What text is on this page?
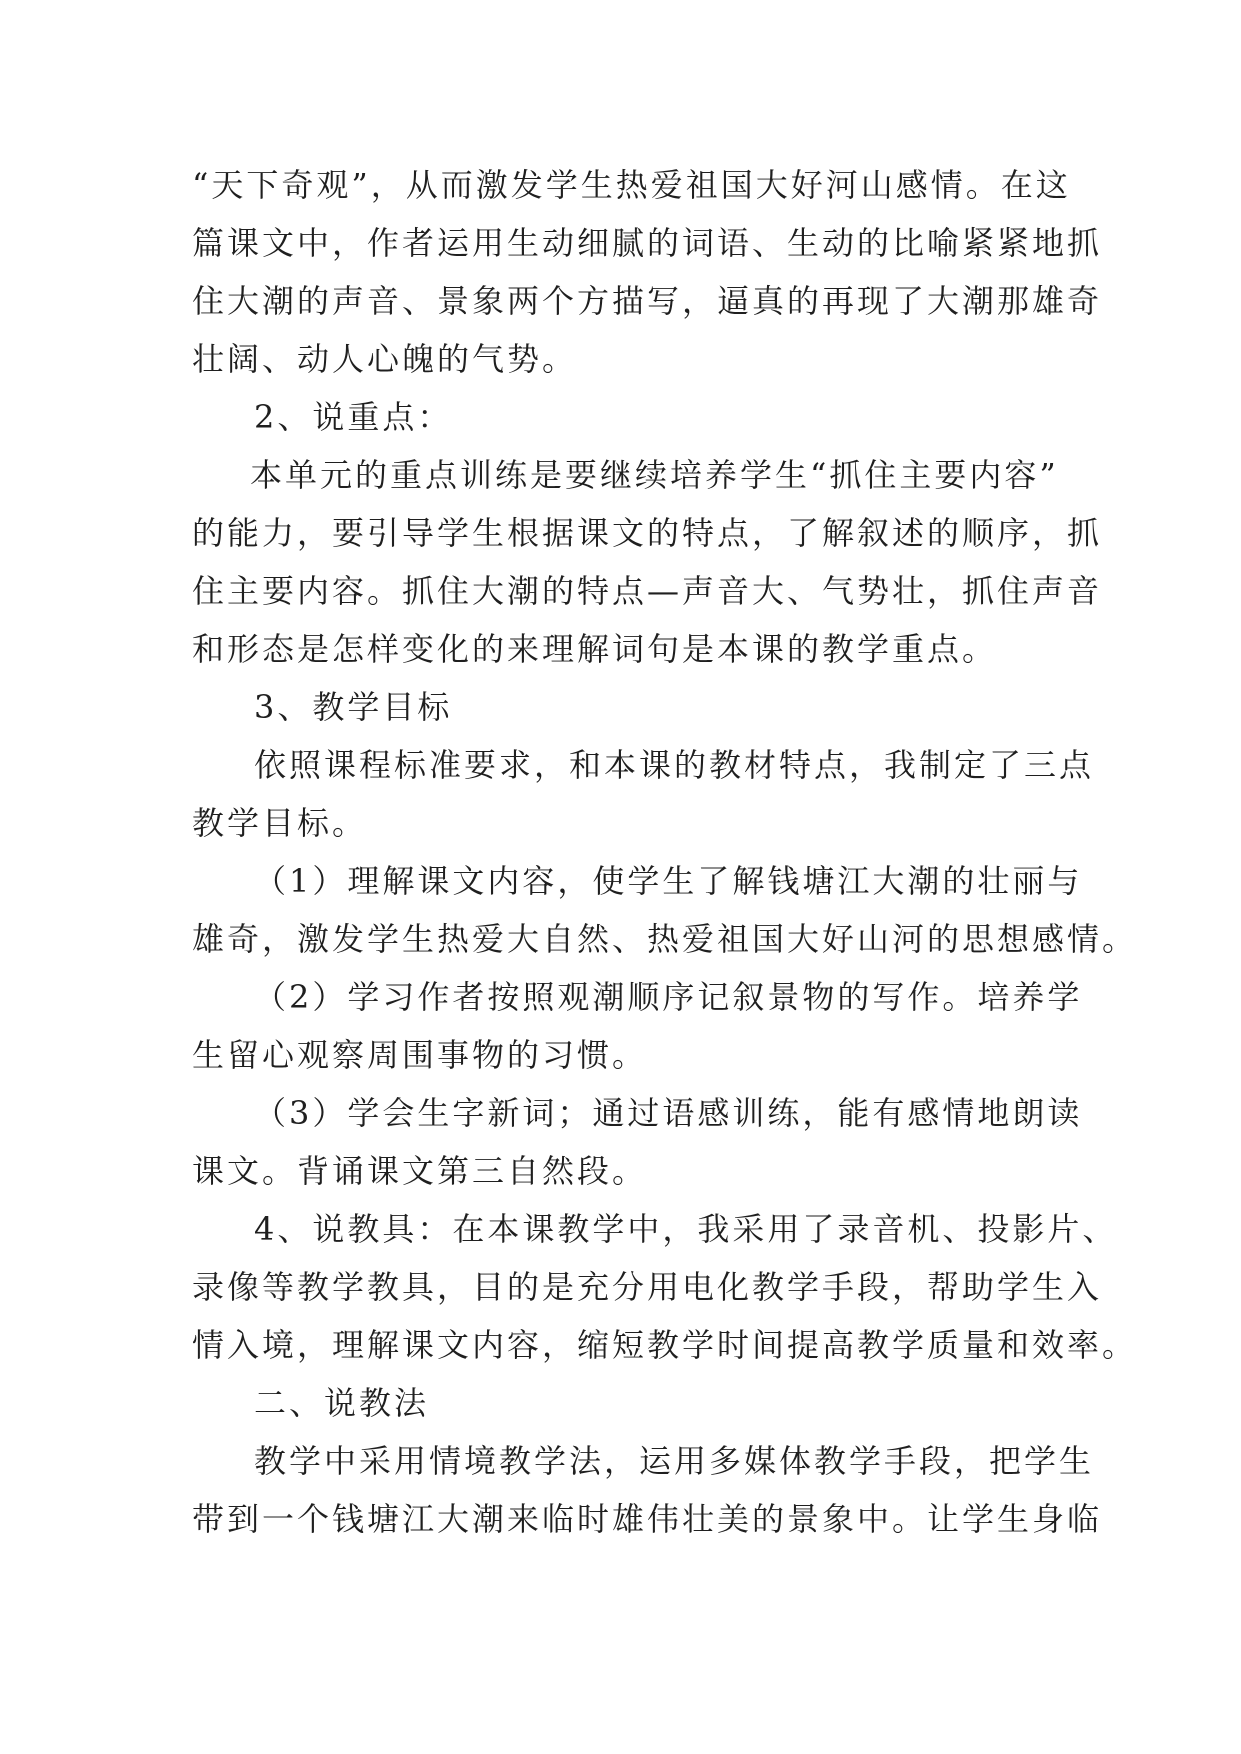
“天下奇观”，从而激发学生热爱祖国大好河山感情。在这
篇课文中，作者运用生动细腻的词语、生动的比喻紧紧地抓
住大潮的声音、景象两个方描写，逼真的再现了大潮那雄奇
壮阔、动人心魄的气势。
2、说重点：
本单元的重点训练是要继续培养学生“抓住主要内容”
的能力，要引导学生根据课文的特点，了解叙述的顺序，抓
住主要内容。抓住大潮的特点—声音大、气势壮，抓住声音
和形态是怎样变化的来理解词句是本课的教学重点。
3、教学目标
依照课程标准要求，和本课的教材特点，我制定了三点
教学目标。
（1）理解课文内容，使学生了解钱塘江大潮的壮丽与
雄奇，激发学生热爱大自然、热爱祖国大好山河的思想感情。
（2）学习作者按照观潮顺序记叙景物的写作。培养学
生留心观察周围事物的习惯。
（3）学会生字新词；通过语感训练，能有感情地朗读
课文。背诵课文第三自然段。
4、说教具：在本课教学中，我采用了录音机、投影片、
录像等教学教具，目的是充分用电化教学手段，帮助学生入
情入境，理解课文内容，缩短教学时间提高教学质量和效率。
二、说教法
教学中采用情境教学法，运用多媒体教学手段，把学生
带到一个钱塘江大潮来临时雄伟壮美的景象中。让学生身临
